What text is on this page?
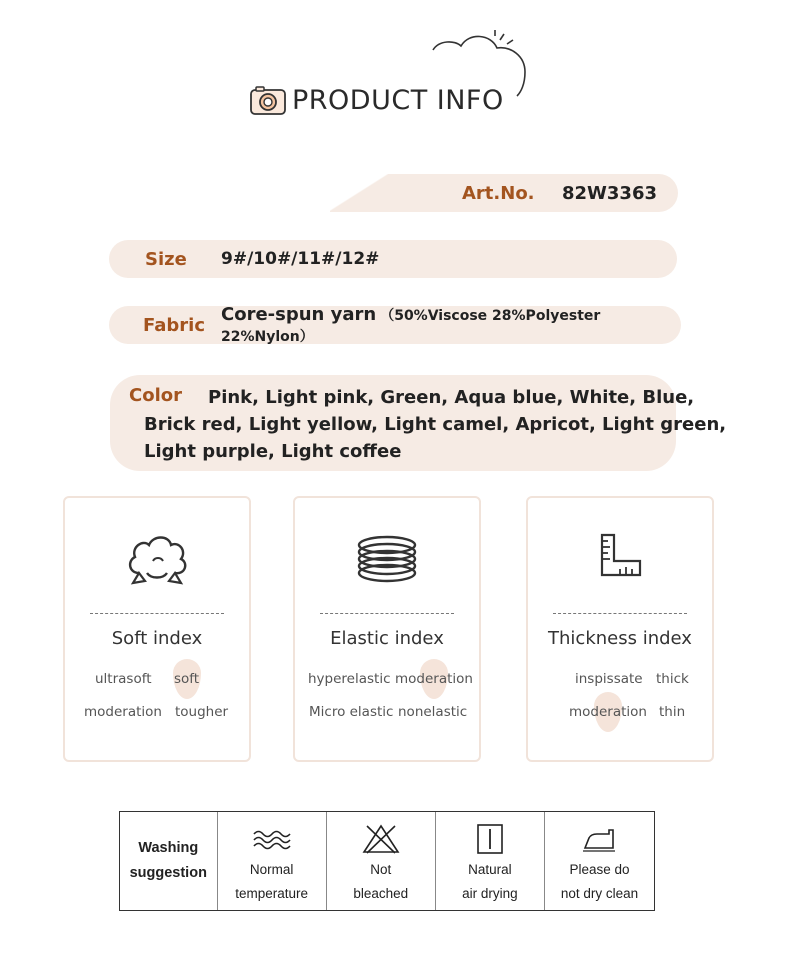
PRODUCT INFO
Art.No. 82W3363
Size 9#/10#/11#/12#
Fabric Core-spun yarn （50%Viscose 28%Polyester 22%Nylon）
Color Pink, Light pink, Green, Aqua blue, White, Blue,
Brick red, Light yellow, Light camel, Apricot, Light green,
Light purple, Light coffee
Soft index
ultrasoft soft
moderation tougher
Elastic index
hyperelastic moderation
Micro elastic nonelastic
Thickness index
inspissate thick
moderation thin
Washing
suggestion	Normal
temperature
Not
bleached
Natural
air drying
Please do
not dry clean
